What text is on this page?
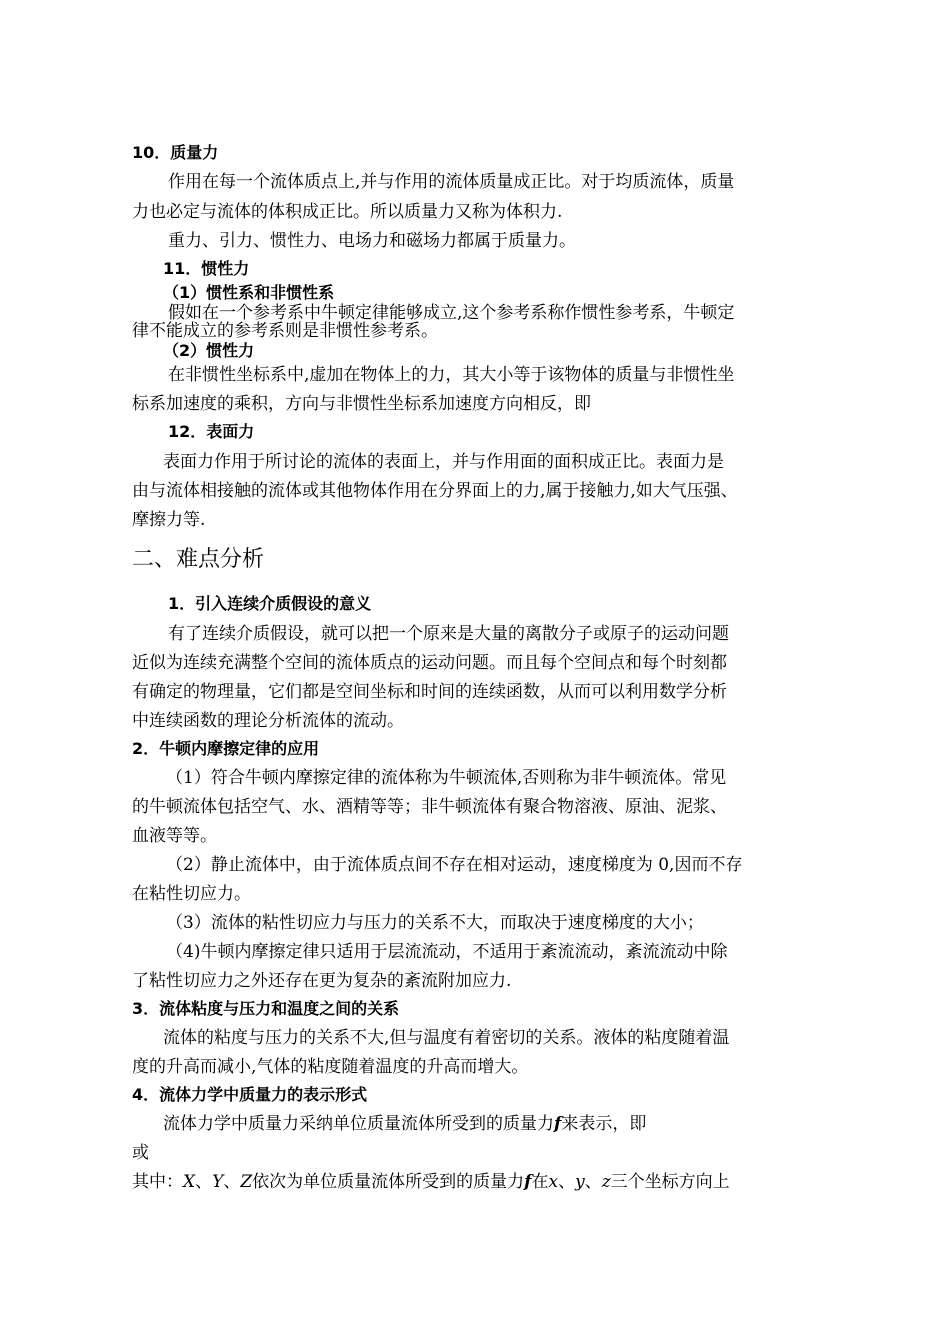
10．质量力
作用在每一个流体质点上,并与作用的流体质量成正比。对于均质流体，质量
力也必定与流体的体积成正比。所以质量力又称为体积力.
重力、引力、惯性力、电场力和磁场力都属于质量力。
11．惯性力
（1）惯性系和非惯性系
假如在一个参考系中牛顿定律能够成立,这个参考系称作惯性参考系，牛顿定
律不能成立的参考系则是非惯性参考系。
（2）惯性力
在非惯性坐标系中,虚加在物体上的力，其大小等于该物体的质量与非惯性坐
标系加速度的乘积，方向与非惯性坐标系加速度方向相反，即
12．表面力
表面力作用于所讨论的流体的表面上，并与作用面的面积成正比。表面力是
由与流体相接触的流体或其他物体作用在分界面上的力,属于接触力,如大气压强、
摩擦力等.
二、难点分析
1．引入连续介质假设的意义
有了连续介质假设，就可以把一个原来是大量的离散分子或原子的运动问题
近似为连续充满整个空间的流体质点的运动问题。而且每个空间点和每个时刻都
有确定的物理量，它们都是空间坐标和时间的连续函数，从而可以利用数学分析
中连续函数的理论分析流体的流动。
2．牛顿内摩擦定律的应用
（1）符合牛顿内摩擦定律的流体称为牛顿流体,否则称为非牛顿流体。常见
的牛顿流体包括空气、水、酒精等等；非牛顿流体有聚合物溶液、原油、泥浆、
血液等等。
（2）静止流体中，由于流体质点间不存在相对运动，速度梯度为 0,因而不存
在粘性切应力。
（3）流体的粘性切应力与压力的关系不大，而取决于速度梯度的大小；
（4)牛顿内摩擦定律只适用于层流流动，不适用于紊流流动，紊流流动中除
了粘性切应力之外还存在更为复杂的紊流附加应力.
3．流体粘度与压力和温度之间的关系
流体的粘度与压力的关系不大,但与温度有着密切的关系。液体的粘度随着温
度的升高而减小,气体的粘度随着温度的升高而增大。
4．流体力学中质量力的表示形式
流体力学中质量力采纳单位质量流体所受到的质量力f来表示，即
或
其中：X、Y、Z依次为单位质量流体所受到的质量力f在x、y、z三个坐标方向上
